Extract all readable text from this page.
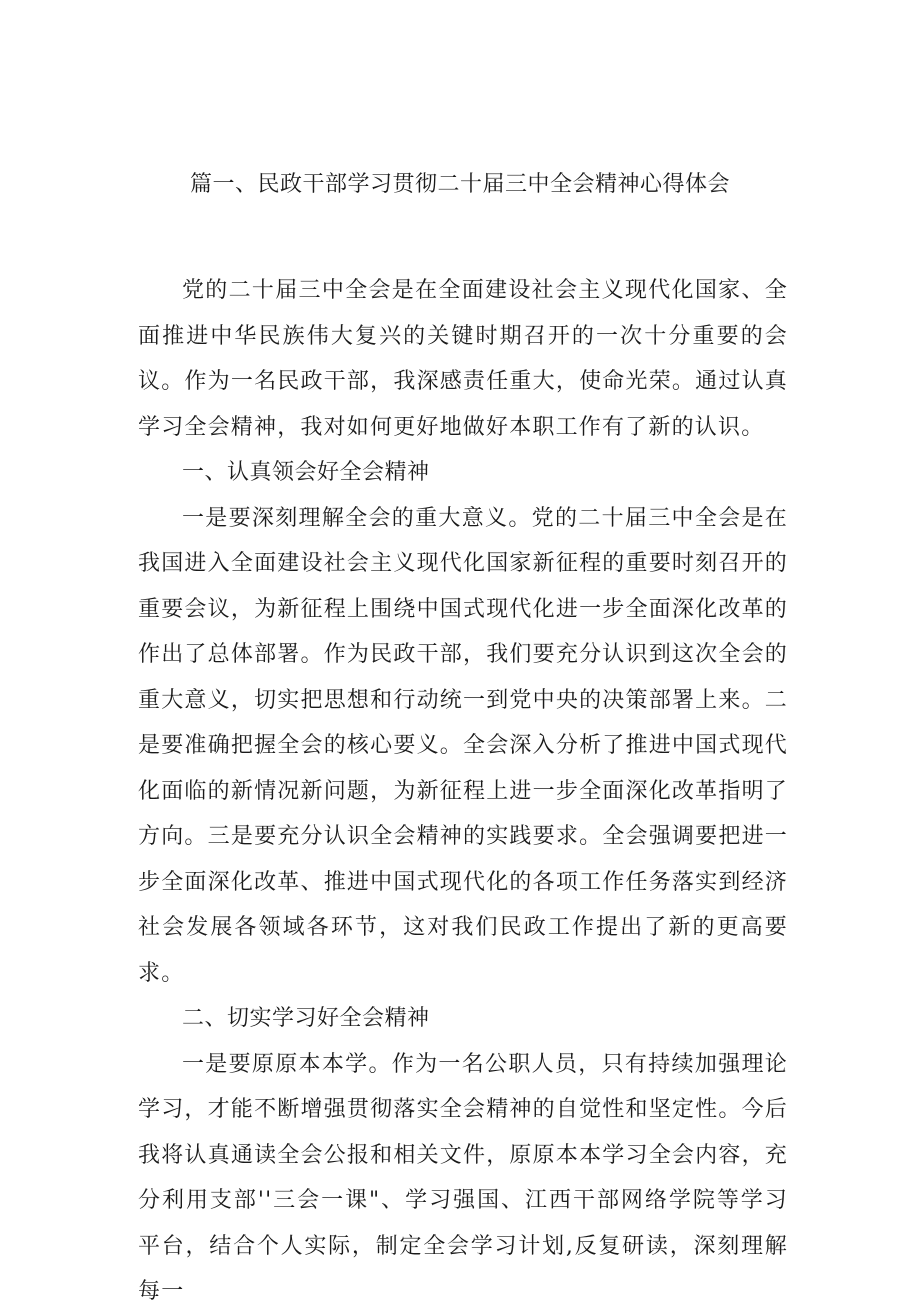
篇一、民政干部学习贯彻二十届三中全会精神心得体会

党的二十届三中全会是在全面建设社会主义现代化国家、全面推进中华民族伟大复兴的关键时期召开的一次十分重要的会议。作为一名民政干部，我深感责任重大，使命光荣。通过认真学习全会精神，我对如何更好地做好本职工作有了新的认识。

一、认真领会好全会精神

一是要深刻理解全会的重大意义。党的二十届三中全会是在我国进入全面建设社会主义现代化国家新征程的重要时刻召开的重要会议，为新征程上围绕中国式现代化进一步全面深化改革的作出了总体部署。作为民政干部，我们要充分认识到这次全会的重大意义，切实把思想和行动统一到党中央的决策部署上来。二是要准确把握全会的核心要义。全会深入分析了推进中国式现代化面临的新情况新问题，为新征程上进一步全面深化改革指明了方向。三是要充分认识全会精神的实践要求。全会强调要把进一步全面深化改革、推进中国式现代化的各项工作任务落实到经济社会发展各领域各环节，这对我们民政工作提出了新的更高要求。

二、切实学习好全会精神

一是要原原本本学。作为一名公职人员，只有持续加强理论学习，才能不断增强贯彻落实全会精神的自觉性和坚定性。今后我将认真通读全会公报和相关文件，原原本本学习全会内容，充分利用支部''三会一课"、学习强国、江西干部网络学院等学习平台，结合个人实际，制定全会学习计划,反复研读，深刻理解每一
